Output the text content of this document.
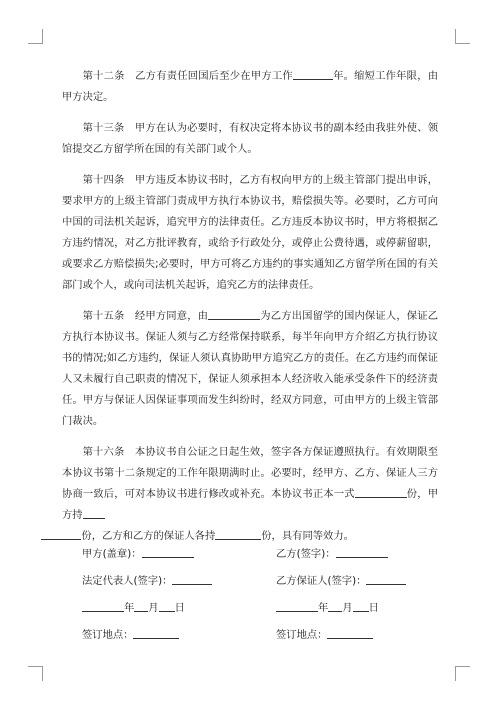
第十二条　乙方有责任回国后至少在甲方工作	年。缩短工作年限，由甲方决定。

第十三条　甲方在认为必要时，有权决定将本协议书的副本经由我驻外使、领馆提交乙方留学所在国的有关部门或个人。

第十四条　甲方违反本协议书时，乙方有权向甲方的上级主管部门提出申诉，要求甲方的上级主管部门责成甲方执行本协议书，赔偿损失等。必要时，乙方可向中国的司法机关起诉，追究甲方的法律责任。乙方违反本协议书时，甲方将根据乙方违约情况，对乙方批评教育，或给予行政处分，或停止公费待遇，或停薪留职，或要求乙方赔偿损失;必要时，甲方可将乙方违约的事实通知乙方留学所在国的有关部门或个人，或向司法机关起诉，追究乙方的法律责任。

第十五条　经甲方同意，由	为乙方出国留学的国内保证人，保证乙方执行本协议书。保证人须与乙方经常保持联系，每半年向甲方介绍乙方执行协议书的情况;如乙方违约，保证人须认真协助甲方追究乙方的责任。在乙方违约而保证人又未履行自己职责的情况下，保证人须承担本人经济收入能承受条件下的经济责任。甲方与保证人因保证事项而发生纠纷时，经双方同意，可由甲方的上级主管部门裁决。

第十六条　本协议书自公证之日起生效，签字各方保证遵照执行。有效期限至本协议书第十二条规定的工作年限期满时止。必要时，经甲方、乙方、保证人三方协商一致后，可对本协议书进行修改或补充。本协议书正本一式	份，甲方持
份，乙方和乙方的保证人各持	份，具有同等效力。

甲方(盖章)：	乙方(签字)：
法定代表人(签字)：	乙方保证人(签字)：
年 月 日	年 月 日
签订地点：	签订地点：
